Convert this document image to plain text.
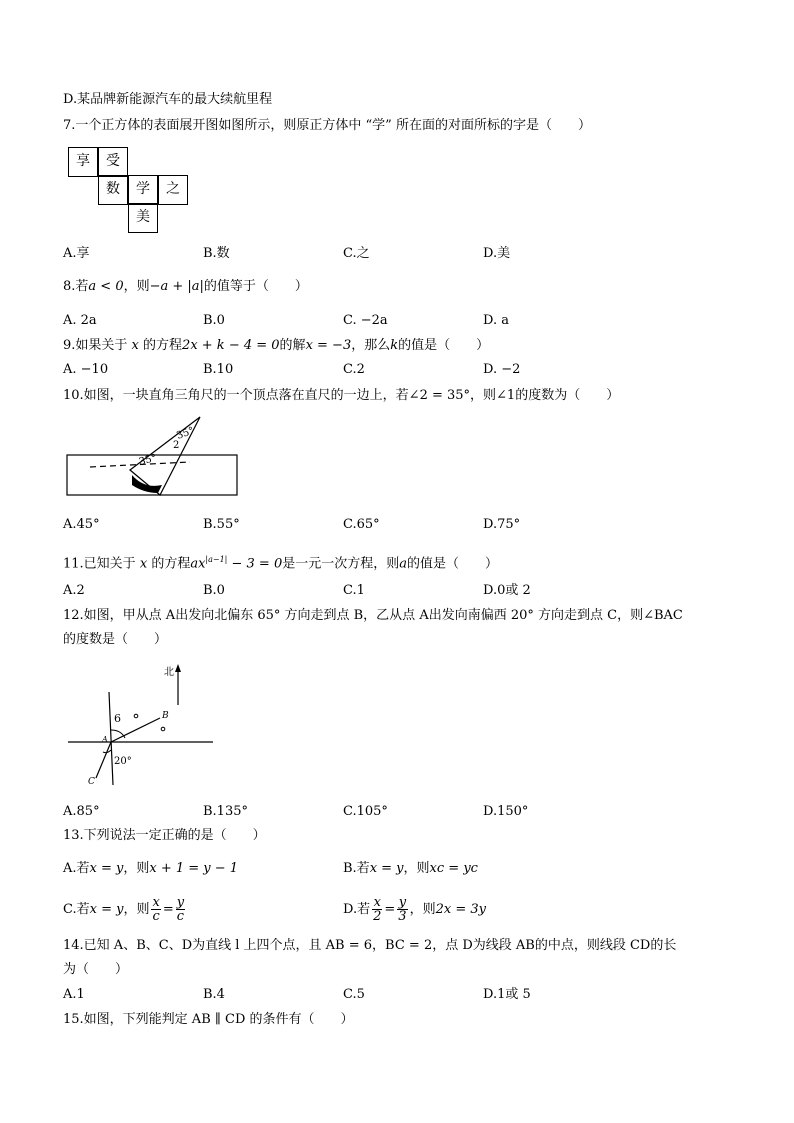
D.某品牌新能源汽车的最大续航里程
7.一个正方体的表面展开图如图所示，则原正方体中 “学” 所在面的对面所标的字是（　　）
享	受
数	学	之
美
A.享	B.数	C.之	D.美
8.若a < 0，则−a + |a|的值等于（　　）
A. 2a	B.0	C. −2a	D. a
9.如果关于 x 的方程2x + k − 4 = 0的解x = −3，那么k的值是（　　）
A. −10	B.10	C.2	D. −2
10.如图，一块直角三角尺的一个顶点落在直尺的一边上，若∠2 = 35°，则∠1的度数为（　　）
2
35°
35°
A.45°	B.55°	C.65°	D.75°
11.已知关于 x 的方程$ax^{|a-1|} - 3 = 0$是一元一次方程，则a的值是（　　）
A.2	B.0	C.1	D.0或 2
12.如图，甲从点 A出发向北偏东 65° 方向走到点 B，乙从点 A出发向南偏西 20° 方向走到点 C，则∠BAC
的度数是（　　）
北
B
A
C
6
20°
A.85°	B.135°	C.105°	D.150°
13.下列说法一定正确的是（　　）
A.若x = y，则x + 1 = y − 1	B.若x = y，则xc = yc
C.若x = y，则 $\frac{x}{c} = \frac{y}{c}$	D.若 $\frac{x}{2} = \frac{y}{3}$ ，则2x = 3y
14.已知 A、B、C、D为直线 l 上四个点，且 AB = 6，BC = 2，点 D为线段 AB的中点，则线段 CD的长
为（　　）
A.1	B.4	C.5	D.1或 5
15.如图，下列能判定 AB ∥ CD 的条件有（　　）
